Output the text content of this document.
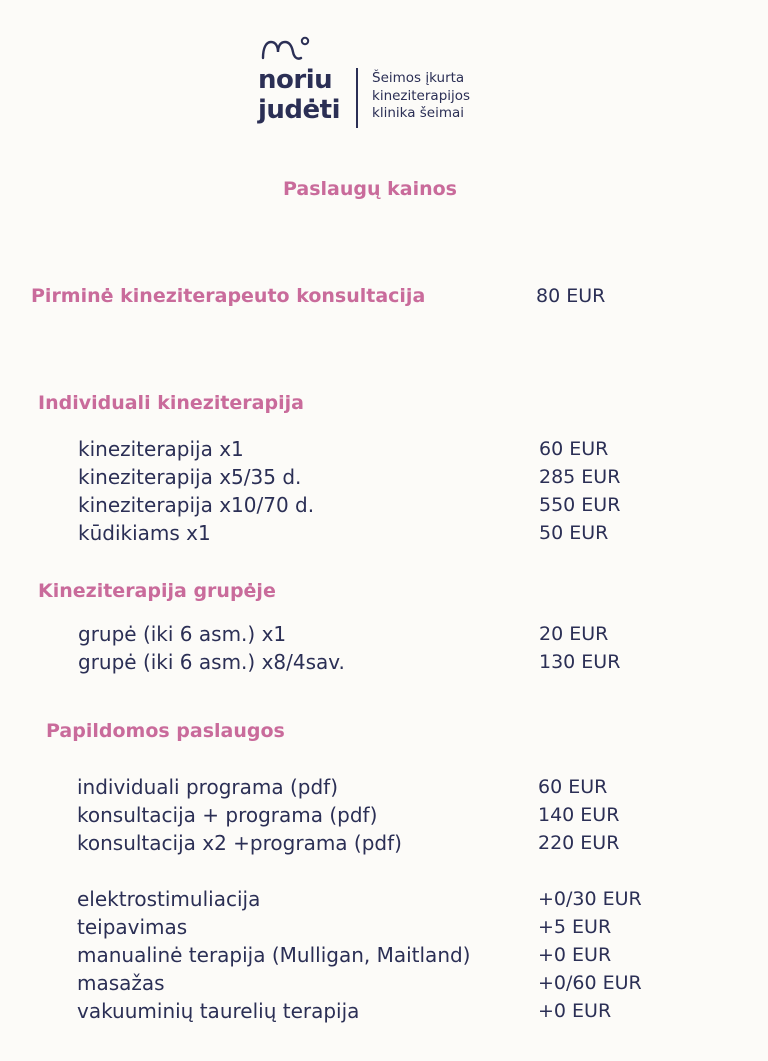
noriu
judėti
Šeimos įkurta
kineziterapijos
klinika šeimai
Paslaugų kainos
Pirminė kineziterapeuto konsultacija	80 EUR
Individuali kineziterapija
kineziterapija x1	60 EUR
kineziterapija x5/35 d.	285 EUR
kineziterapija x10/70 d.	550 EUR
kūdikiams x1	50 EUR
Kineziterapija grupėje
grupė (iki 6 asm.) x1	20 EUR
grupė (iki 6 asm.) x8/4sav.	130 EUR
Papildomos paslaugos
individuali programa (pdf)	60 EUR
konsultacija + programa (pdf)	140 EUR
konsultacija x2 +programa (pdf)	220 EUR
elektrostimuliacija	+0/30 EUR
teipavimas	+5 EUR
manualinė terapija (Mulligan, Maitland)	+0 EUR
masažas	+0/60 EUR
vakuuminių taurelių terapija	+0 EUR
